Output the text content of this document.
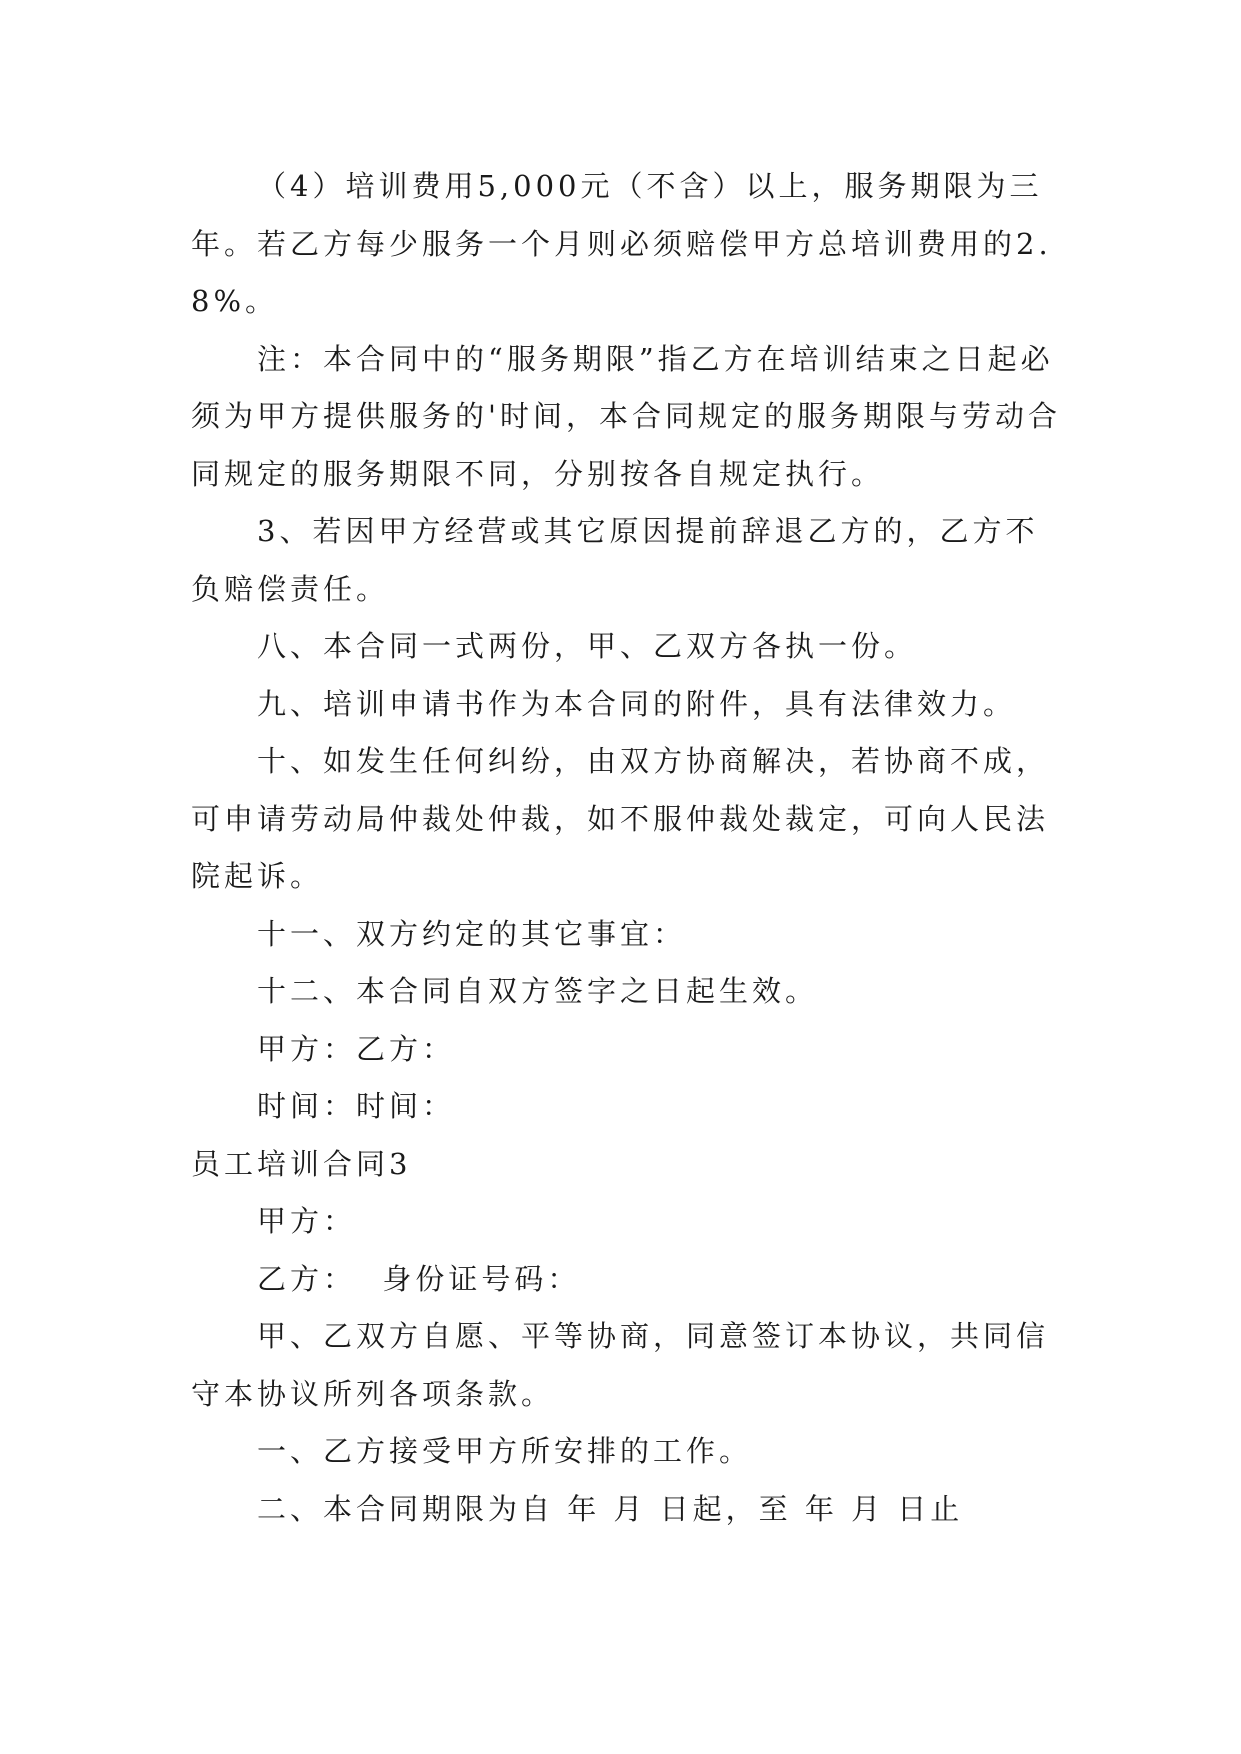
（4）培训费用5,000元（不含）以上，服务期限为三年。若乙方每少服务一个月则必须赔偿甲方总培训费用的2.8%。

注：本合同中的“服务期限”指乙方在培训结束之日起必须为甲方提供服务的'时间，本合同规定的服务期限与劳动合同规定的服务期限不同，分别按各自规定执行。

3、若因甲方经营或其它原因提前辞退乙方的，乙方不负赔偿责任。

八、本合同一式两份，甲、乙双方各执一份。

九、培训申请书作为本合同的附件，具有法律效力。

十、如发生任何纠纷，由双方协商解决，若协商不成，可申请劳动局仲裁处仲裁，如不服仲裁处裁定，可向人民法院起诉。

十一、双方约定的其它事宜：

十二、本合同自双方签字之日起生效。

甲方：乙方：

时间：时间：

员工培训合同3

甲方：

乙方：  身份证号码：

甲、乙双方自愿、平等协商，同意签订本协议，共同信守本协议所列各项条款。

一、乙方接受甲方所安排的工作。

二、本合同期限为自 年 月 日起，至 年 月 日止
